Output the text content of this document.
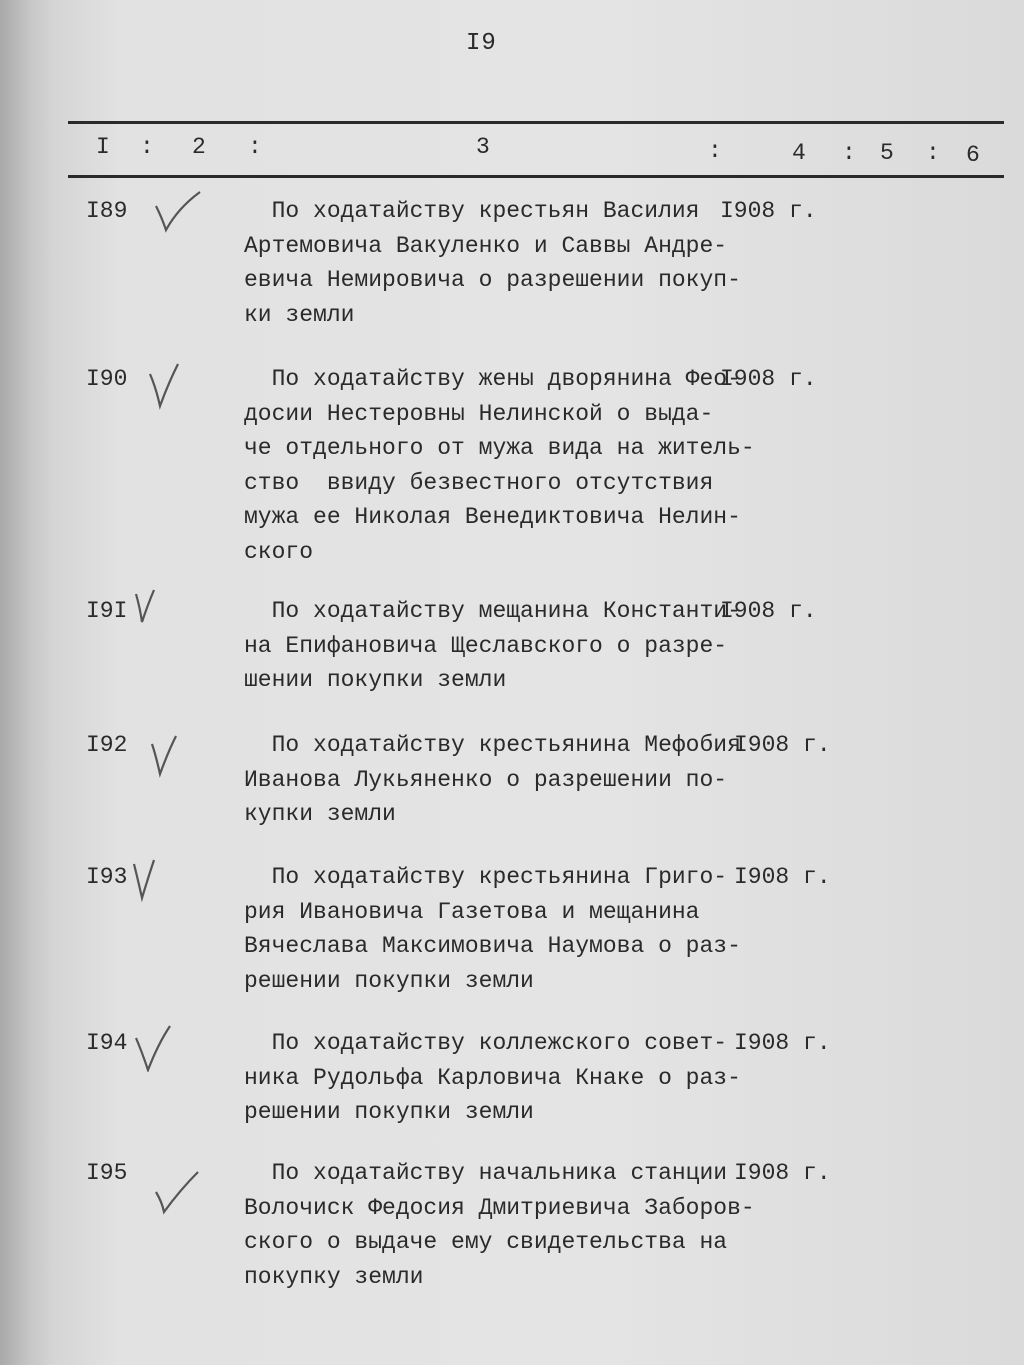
I9
I : 2 :	3	:	4 : 5 : 6
I89	По ходатайству крестьян Василия
Артемовича Вакуленко и Саввы Андре-
евича Немировича о разрешении покуп-
ки земли
I908 г.
I90	По ходатайству жены дворянина Фео-
досии Нестеровны Нелинской о выда-
че отдельного от мужа вида на житель-
ство  ввиду безвестного отсутствия
мужа ее Николая Венедиктовича Нелин-
ского
I908 г.
I9I	По ходатайству мещанина Константи-
на Епифановича Щеславского о разре-
шении покупки земли
I908 г.
I92	По ходатайству крестьянина Мефобия
Иванова Лукьяненко о разрешении по-
купки земли
I908 г.
I93	По ходатайству крестьянина Григо-
рия Ивановича Газетова и мещанина
Вячеслава Максимовича Наумова о раз-
решении покупки земли
I908 г.
I94	По ходатайству коллежского совет-
ника Рудольфа Карловича Кнаке о раз-
решении покупки земли
I908 г.
I95	По ходатайству начальника станции
Волочиск Федосия Дмитриевича Заборов-
ского о выдаче ему свидетельства на
покупку земли
I908 г.
